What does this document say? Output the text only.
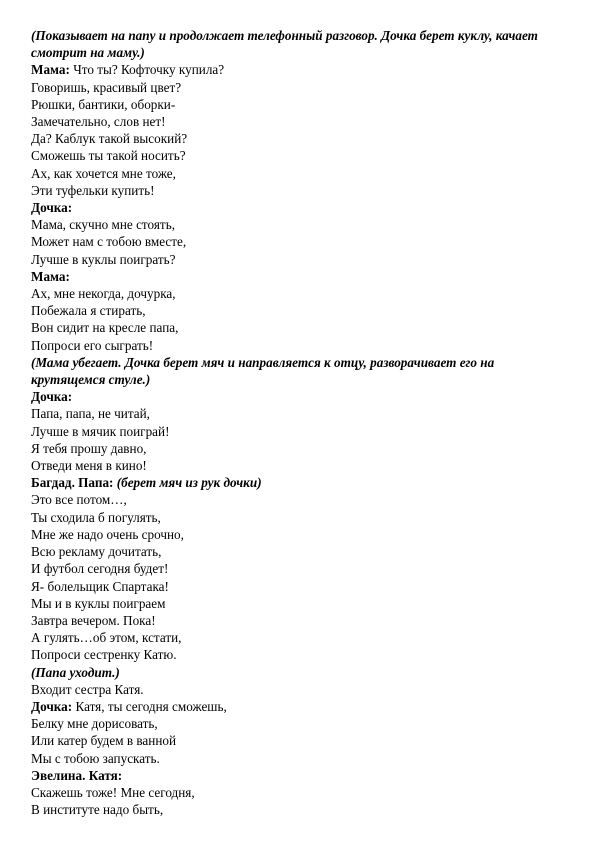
(Показывает на папу и продолжает телефонный разговор. Дочка берет куклу, качает смотрит на маму.)
Мама: Что ты? Кофточку купила?
Говоришь, красивый цвет?
Рюшки, бантики, оборки-
Замечательно, слов нет!
Да? Каблук такой высокий?
Сможешь ты такой носить?
Ах, как хочется мне тоже,
Эти туфельки купить!
Дочка:
Мама, скучно мне стоять,
Может нам с тобою вместе,
Лучше в куклы поиграть?
Мама:
Ах, мне некогда, дочурка,
Побежала я стирать,
Вон сидит на кресле папа,
Попроси его сыграть!
(Мама убегает. Дочка берет мяч и направляется к отцу, разворачивает его на крутящемся стуле.)
Дочка:
Папа, папа, не читай,
Лучше в мячик поиграй!
Я тебя прошу давно,
Отведи меня в кино!
Багдад. Папа: (берет мяч из рук дочки)
Это все потом…,
Ты сходила б погулять,
Мне же надо очень срочно,
Всю рекламу дочитать,
И футбол сегодня будет!
Я- болельщик Спартака!
Мы и в куклы поиграем
Завтра вечером. Пока!
А гулять…об этом, кстати,
Попроси сестренку Катю.
(Папа уходит.)
Входит сестра Катя.
Дочка: Катя, ты сегодня сможешь,
Белку мне дорисовать,
Или катер будем в ванной
Мы с тобою запускать.
Эвелина. Катя:
Скажешь тоже! Мне сегодня,
В институте надо быть,
